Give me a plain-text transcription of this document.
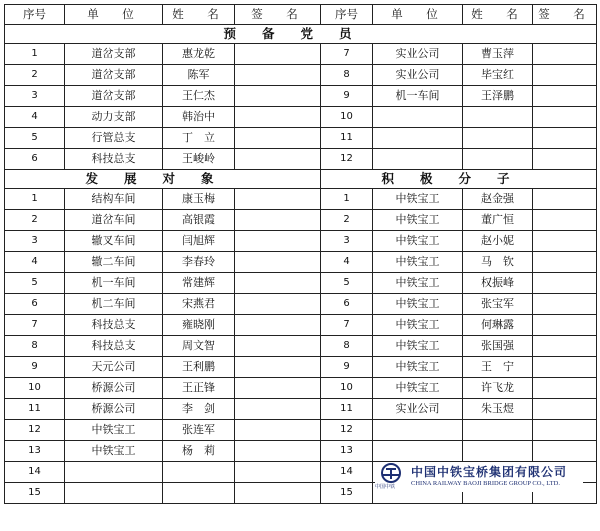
序号	单　位	姓　名	签　名	序号	单　位	姓　名	签　名
预备党员							
1	道岔支部	惠龙乾		7	实业公司	曹玉萍	
2	道岔支部	陈军		8	实业公司	毕宝红	
3	道岔支部	王仁杰		9	机一车间	王泽鹏	
4	动力支部	韩治中		10			
5	行管总支	丁　立		11			
6	科技总支	王峻岭		12			
发展对象				积极分子			
1	结构车间	康玉梅		1	中铁宝工	赵金强	
2	道岔车间	高银霞		2	中铁宝工	董广恒	
3	辙叉车间	闫旭辉		3	中铁宝工	赵小妮	
4	辙二车间	李春玲		4	中铁宝工	马　钦	
5	机一车间	常建辉		5	中铁宝工	权振峰	
6	机二车间	宋燕君		6	中铁宝工	张宝军	
7	科技总支	雍晓刚		7	中铁宝工	何琳露	
8	科技总支	周文智		8	中铁宝工	张国强	
9	天元公司	王利鹏		9	中铁宝工	王　宁	
10	桥源公司	王正锋		10	中铁宝工	许飞龙	
11	桥源公司	李　剑		11	实业公司	朱玉煜	
12	中铁宝工	张连军		12			
13	中铁宝工	杨　莉		13			
14				14			
15				15				中国中铁
中国中铁宝桥集团有限公司
CHINA RAILWAY BAOJI BRIDGE GROUP CO., LTD.
